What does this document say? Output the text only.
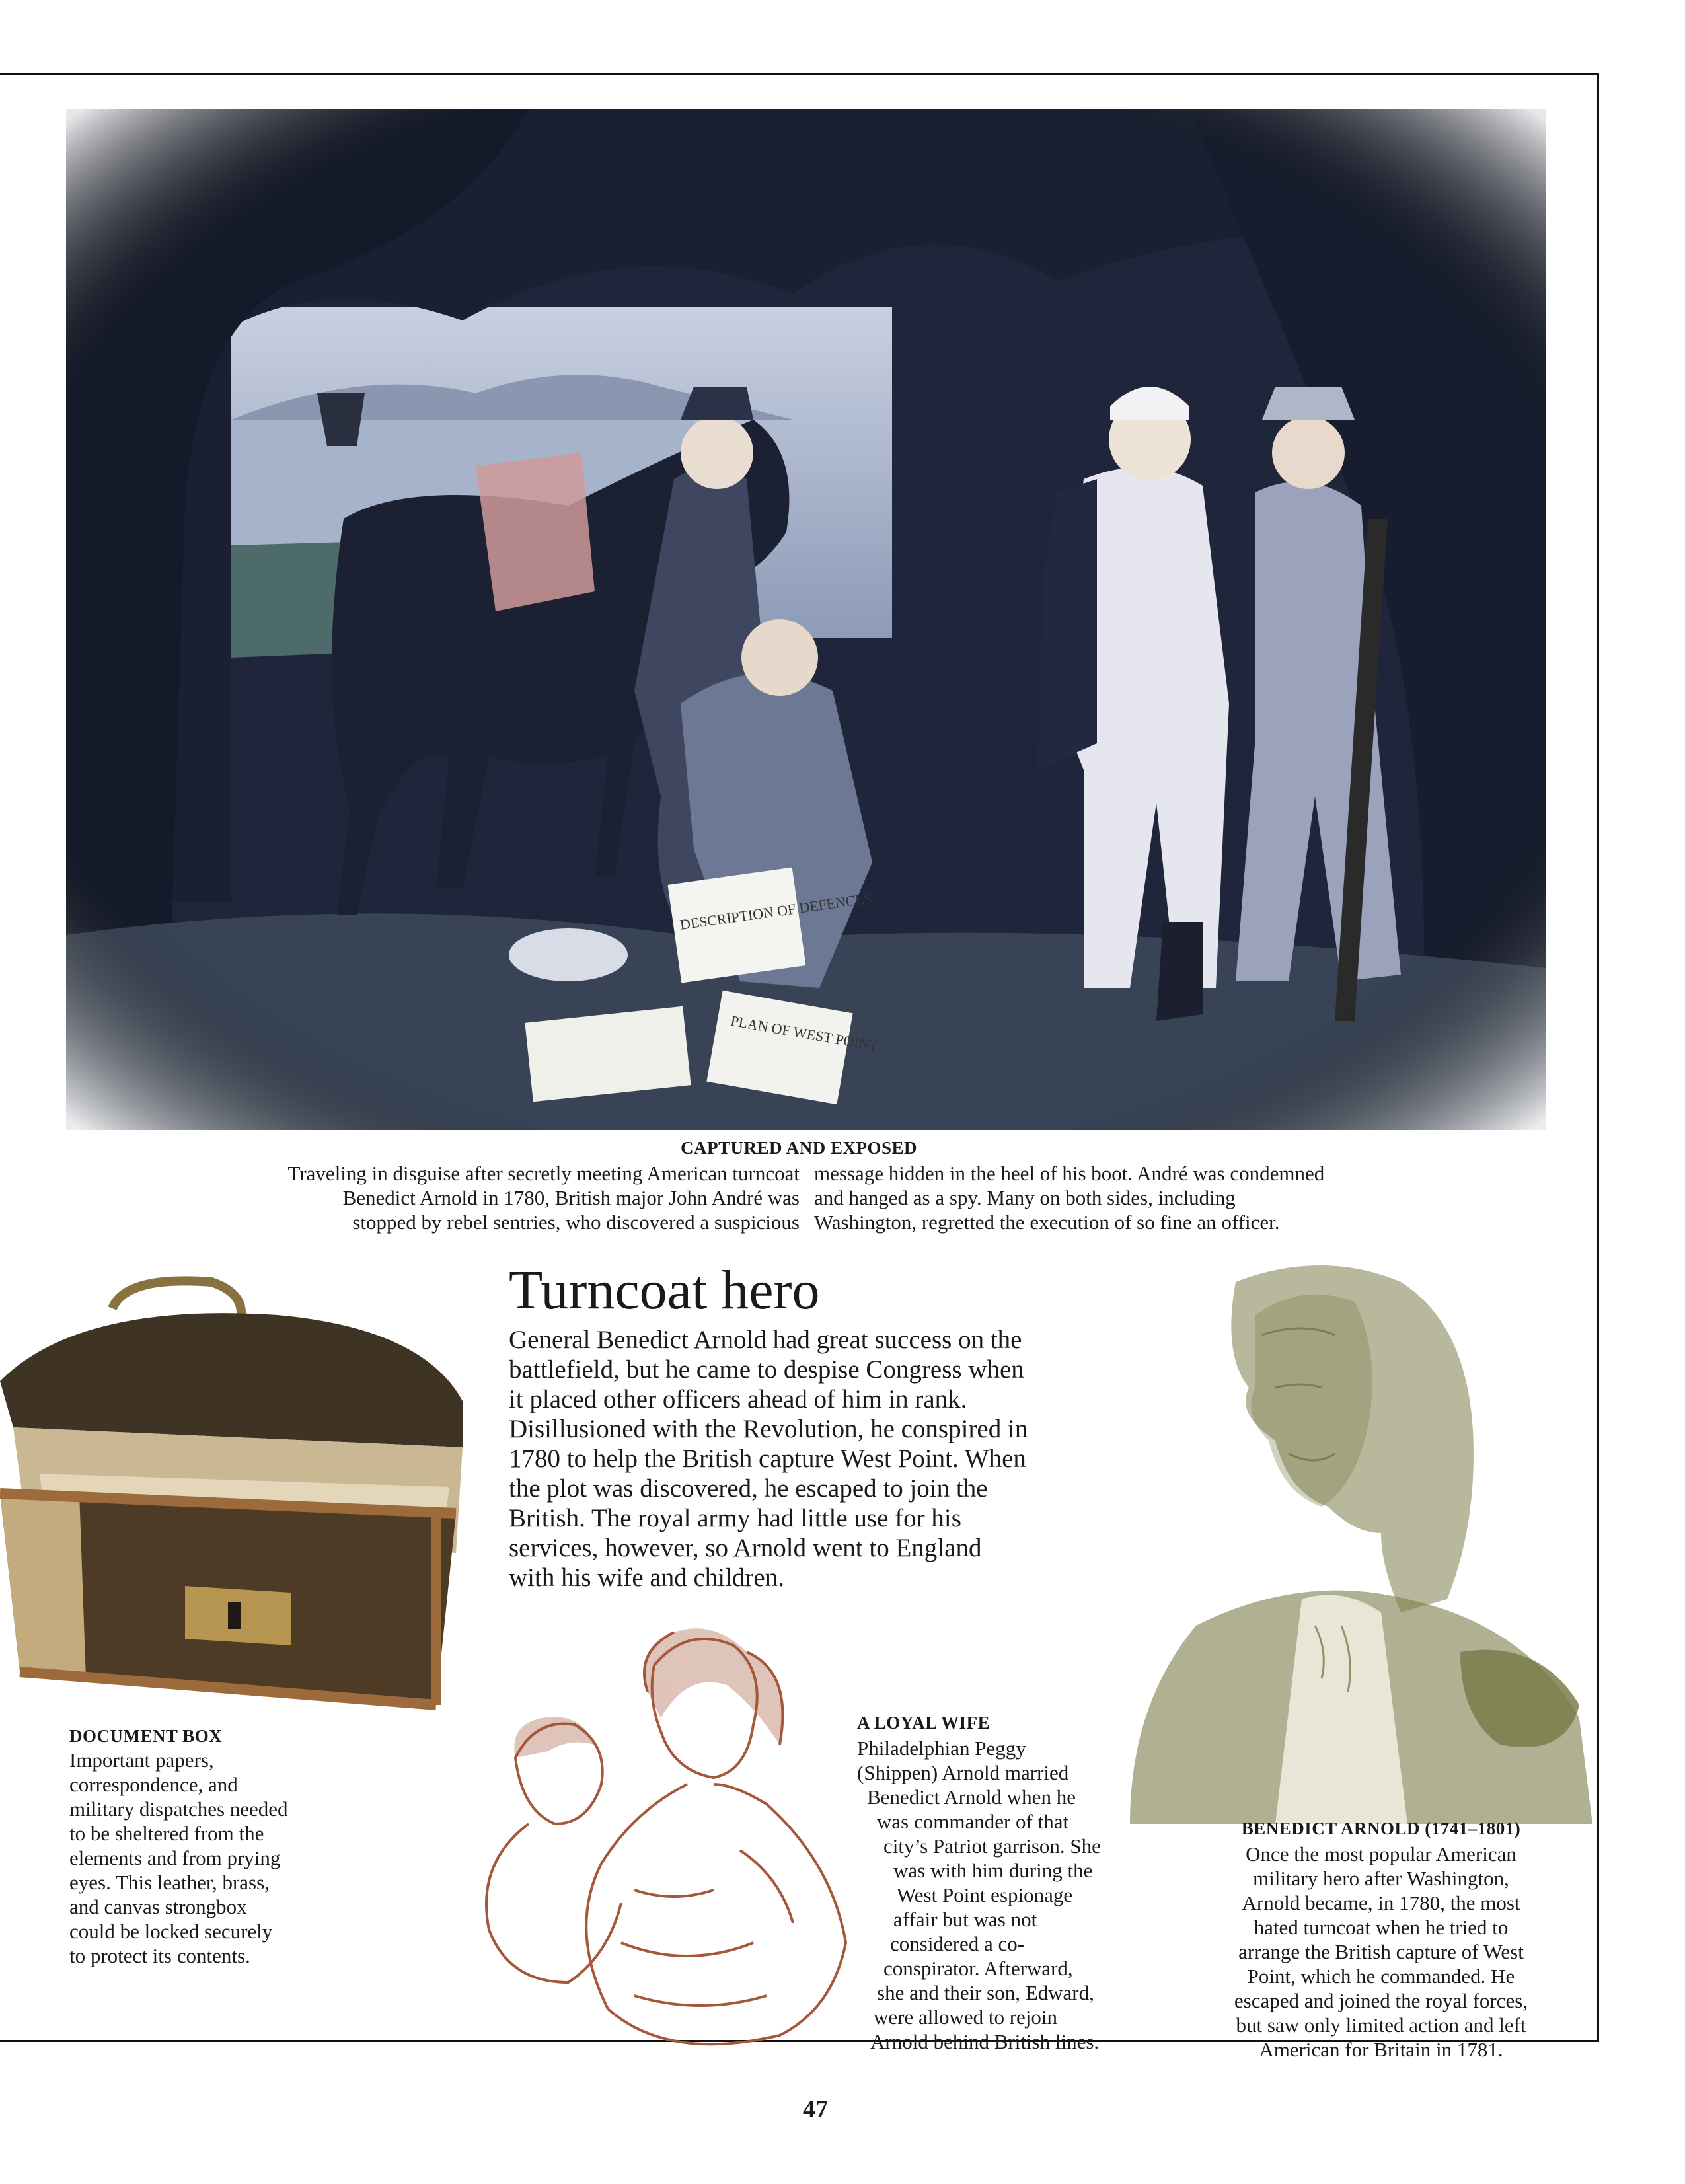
CAPTURED AND EXPOSED

Traveling in disguise after secretly meeting American turncoat

Benedict Arnold in 1780, British major John André was

stopped by rebel sentries, who discovered a suspicious

message hidden in the heel of his boot. André was condemned

and hanged as a spy. Many on both sides, including

Washington, regretted the execution of so fine an officer.

Turncoat hero

General Benedict Arnold had great success on the

battlefield, but he came to despise Congress when

it placed other officers ahead of him in rank.

Disillusioned with the Revolution, he conspired in

1780 to help the British capture West Point. When

the plot was discovered, he escaped to join the

British. The royal army had little use for his

services, however, so Arnold went to England

with his wife and children.

DOCUMENT BOX

Important papers,

correspondence, and

military dispatches needed

to be sheltered from the

elements and from prying

eyes. This leather, brass,

and canvas strongbox

could be locked securely

to protect its contents.

A LOYAL WIFE

Philadelphian Peggy

(Shippen) Arnold married

Benedict Arnold when he

was commander of that

city’s Patriot garrison. She

was with him during the

West Point espionage

affair but was not

considered a co-

conspirator. Afterward,

she and their son, Edward,

were allowed to rejoin

Arnold behind British lines.

BENEDICT ARNOLD (1741–1801)

Once the most popular American

military hero after Washington,

Arnold became, in 1780, the most

hated turncoat when he tried to

arrange the British capture of West

Point, which he commanded. He

escaped and joined the royal forces,

but saw only limited action and left

American for Britain in 1781.

47
